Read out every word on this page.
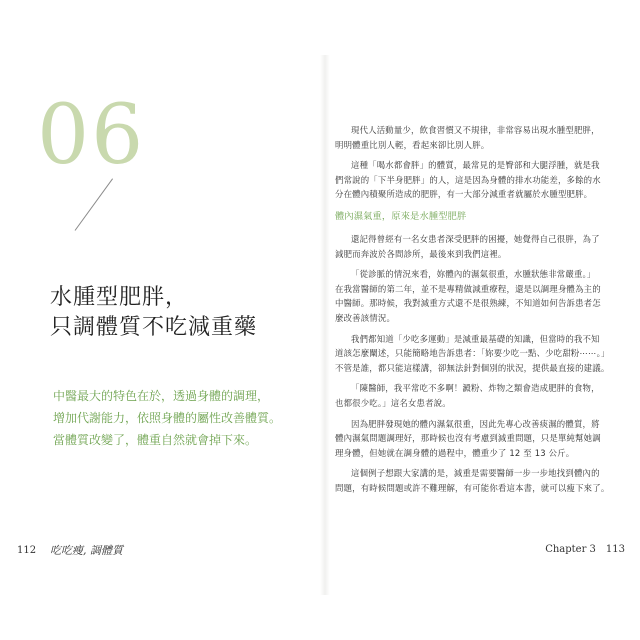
06
水腫型肥胖，
只調體質不吃減重藥
中醫最大的特色在於，透過身體的調理，
增加代謝能力，依照身體的屬性改善體質。
當體質改變了，體重自然就會掉下來。
112 吃吃瘦, 調體質
現代人活動量少，飲食習慣又不規律，非常容易出現水腫型肥胖，
明明體重比別人輕，看起來卻比別人胖。
這種「喝水都會胖」的體質，最常見的是臀部和大腿浮腫，就是我
們常說的「下半身肥胖」的人，這是因為身體的排水功能差，多餘的水
分在體內積聚所造成的肥胖，有一大部分減重者就屬於水腫型肥胖。
體內濕氣重，原來是水腫型肥胖
還記得曾經有一名女患者深受肥胖的困擾，她覺得自己很胖，為了
減肥而奔波於各間診所，最後來到我們這裡。
「從診脈的情況來看，妳體內的濕氣很重，水腫狀態非常嚴重。」
在我當醫師的第二年，並不是專精做減重療程，還是以調理身體為主的
中醫師。那時候，我對減重方式還不是很熟練，不知道如何告訴患者怎
麼改善該情況。
我們都知道「少吃多運動」是減重最基礎的知識，但當時的我不知
道該怎麼闡述，只能簡略地告訴患者：「妳要少吃一點、少吃甜粉⋯⋯。」
不管是誰，都只能這樣講，卻無法針對個別的狀況，提供最直接的建議。
「陳醫師，我平常吃不多啊！澱粉、炸物之類會造成肥胖的食物，
也都很少吃。」這名女患者說。
因為肥胖發現她的體內濕氣很重，因此先專心改善痰濕的體質，將
體內濕氣問題調理好，那時候也沒有考慮到減重問題，只是單純幫她調
理身體，但她就在調身體的過程中，體重少了 12 至 13 公斤。
這個例子想跟大家講的是，減重是需要醫師一步一步地找到體內的
問題，有時候問題或許不難理解，有可能你看這本書，就可以瘦下來了。
Chapter 3 113
